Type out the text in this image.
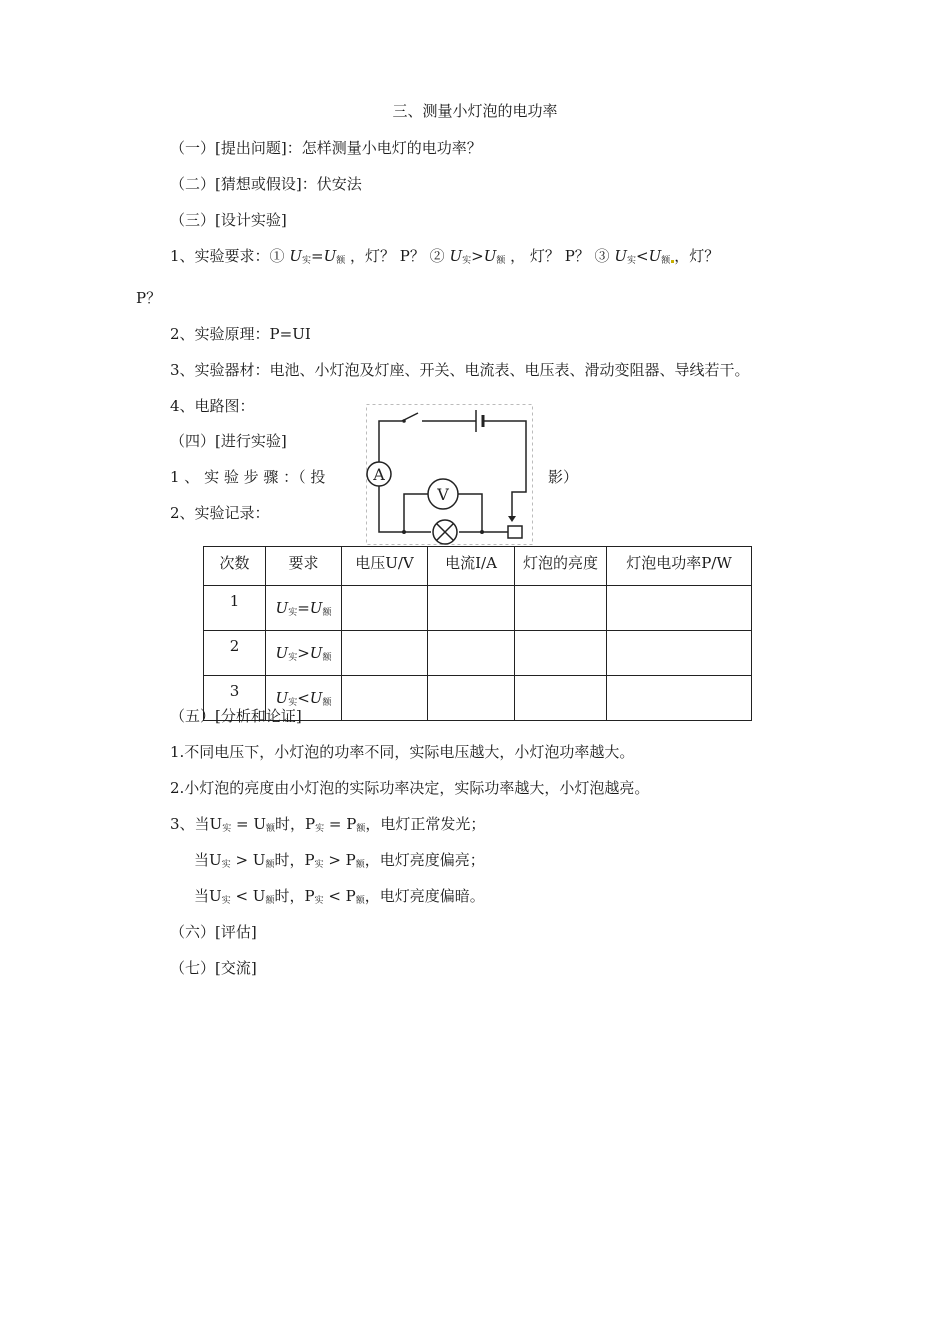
三、测量小灯泡的电功率
（一）[提出问题]：怎样测量小电灯的电功率？
（二）[猜想或假设]：伏安法
（三）[设计实验]
1、实验要求：① $U_实=U_额$ ，灯？ P？ ② $U_实>U_额$ ， 灯？ P？ ③ $U_实<U_额$ ，灯？
P？
2、实验原理：P=UI
3、实验器材：电池、小灯泡及灯座、开关、电流表、电压表、滑动变阻器、导线若干。
4、电路图：
（四）[进行实验]
1 、 实 验 步 骤 ：（ 投	影）
2、实验记录：
A
V
次数	要求	电压U/V	电流I/A	灯泡的亮度	灯泡电功率P/W
1	$U_实=U_额$				
2	$U_实>U_额$				
3	$U_实<U_额$				
（五）[分析和论证]
1.不同电压下，小灯泡的功率不同，实际电压越大，小灯泡功率越大。
2.小灯泡的亮度由小灯泡的实际功率决定，实际功率越大，小灯泡越亮。
3、当$U_实 = U_额$时，$P_实 = P_额$，电灯正常发光；
当$U_实 > U_额$时，$P_实 > P_额$，电灯亮度偏亮；
当$U_实 < U_额$时，$P_实 < P_额$，电灯亮度偏暗。
（六）[评估]
（七）[交流]
